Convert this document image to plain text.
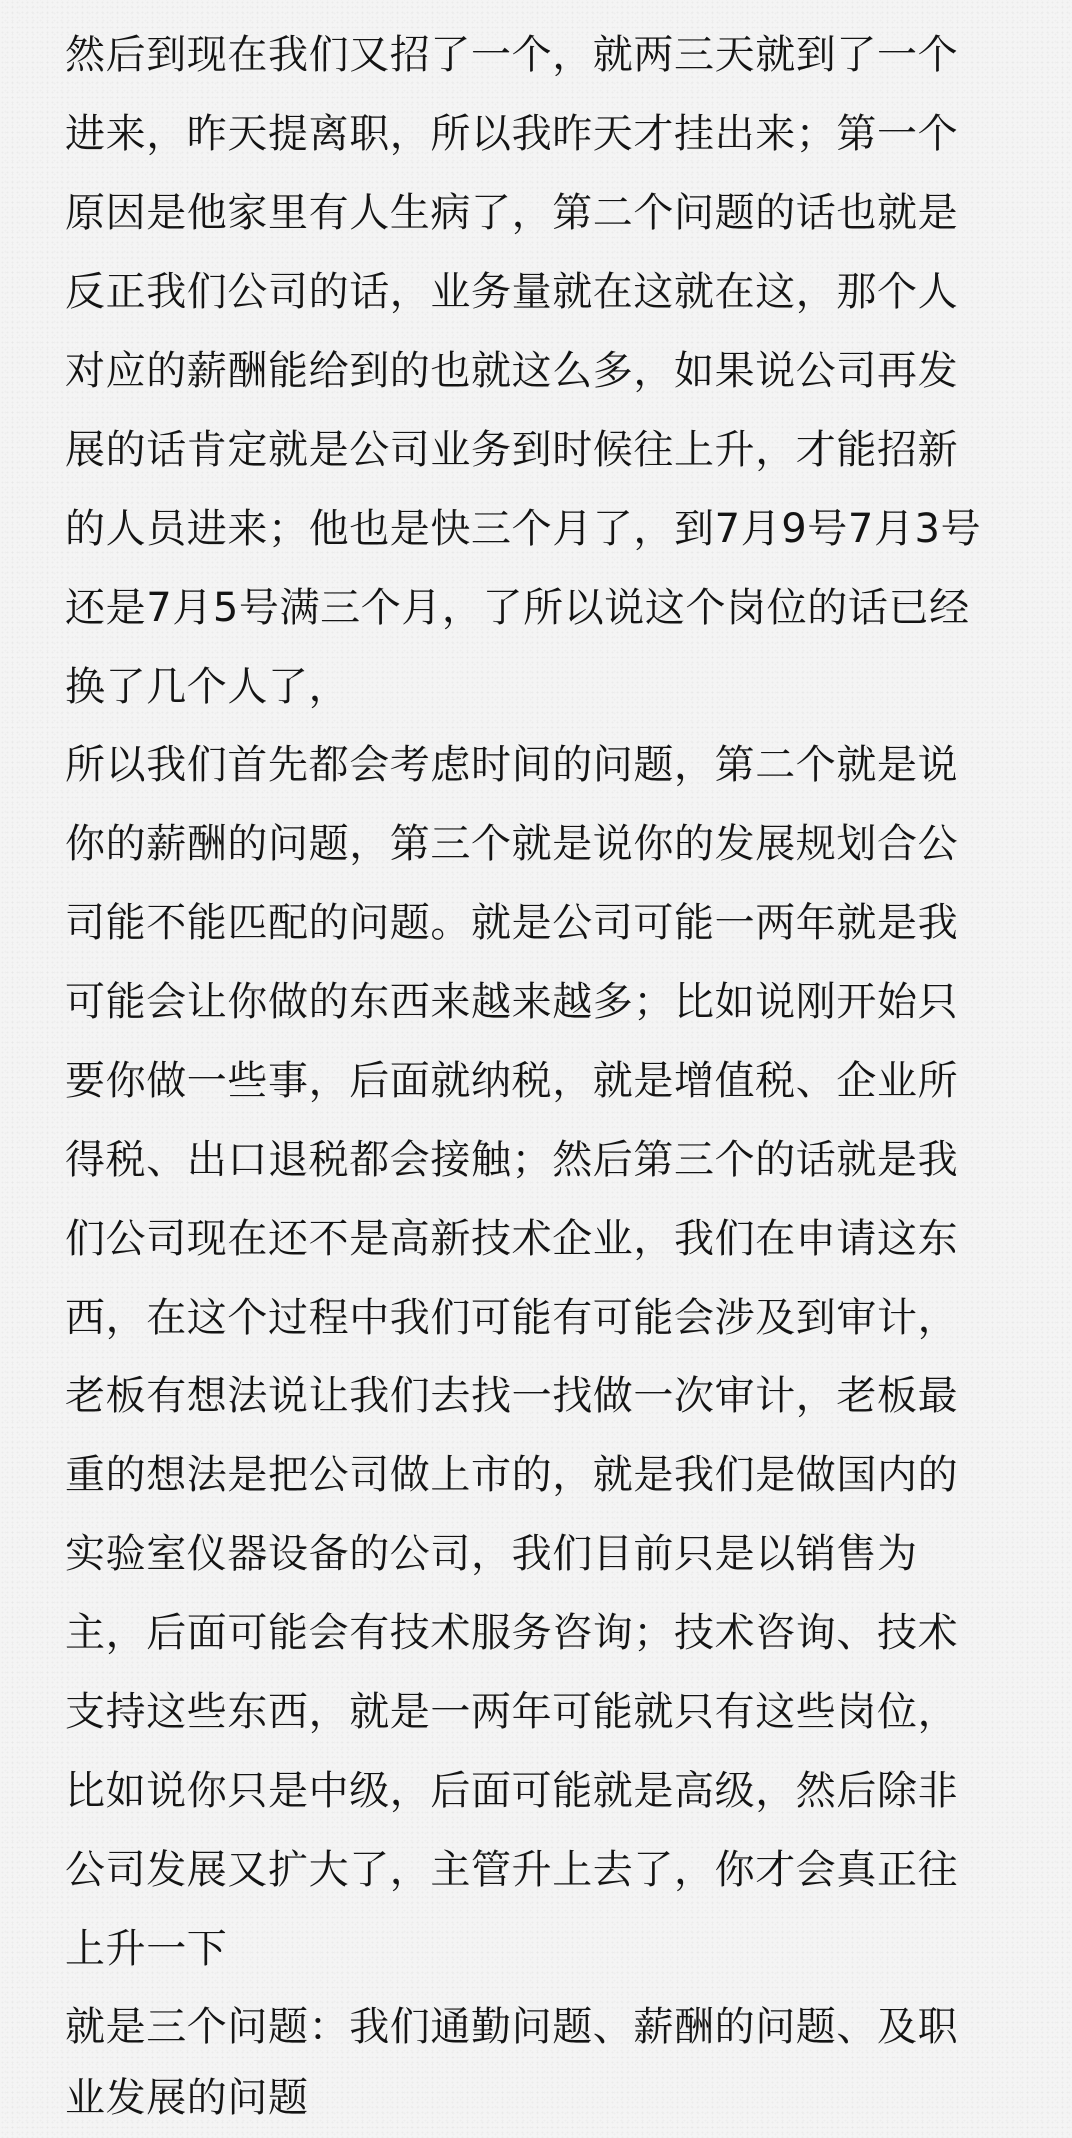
然后到现在我们又招了一个，就两三天就到了一个
进来，昨天提离职，所以我昨天才挂出来；第一个
原因是他家里有人生病了，第二个问题的话也就是
反正我们公司的话，业务量就在这就在这，那个人
对应的薪酬能给到的也就这么多，如果说公司再发
展的话肯定就是公司业务到时候往上升，才能招新
的人员进来；他也是快三个月了，到7月9号7月3号
还是7月5号满三个月，了所以说这个岗位的话已经
换了几个人了，
所以我们首先都会考虑时间的问题，第二个就是说
你的薪酬的问题，第三个就是说你的发展规划合公
司能不能匹配的问题。就是公司可能一两年就是我
可能会让你做的东西来越来越多；比如说刚开始只
要你做一些事，后面就纳税，就是增值税、企业所
得税、出口退税都会接触；然后第三个的话就是我
们公司现在还不是高新技术企业，我们在申请这东
西，在这个过程中我们可能有可能会涉及到审计，
老板有想法说让我们去找一找做一次审计，老板最
重的想法是把公司做上市的，就是我们是做国内的
实验室仪器设备的公司，我们目前只是以销售为
主，后面可能会有技术服务咨询；技术咨询、技术
支持这些东西，就是一两年可能就只有这些岗位，
比如说你只是中级，后面可能就是高级，然后除非
公司发展又扩大了，主管升上去了，你才会真正往
上升一下
就是三个问题：我们通勤问题、薪酬的问题、及职
业发展的问题
